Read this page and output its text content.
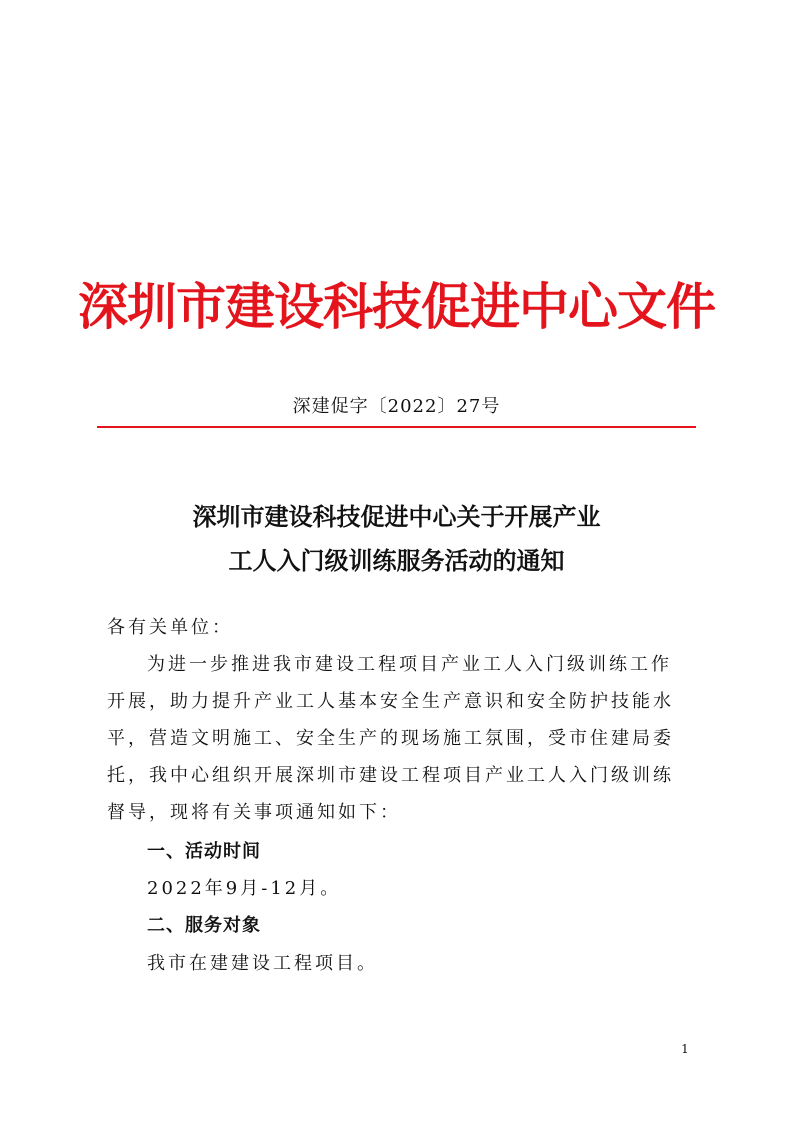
深圳市建设科技促进中心文件
深建促字〔2022〕27号
深圳市建设科技促进中心关于开展产业
工人入门级训练服务活动的通知
各有关单位：
为进一步推进我市建设工程项目产业工人入门级训练工作
开展，助力提升产业工人基本安全生产意识和安全防护技能水
平，营造文明施工、安全生产的现场施工氛围，受市住建局委
托，我中心组织开展深圳市建设工程项目产业工人入门级训练
督导，现将有关事项通知如下：
一、活动时间
2022年9月-12月。
二、服务对象
我市在建建设工程项目。
1
